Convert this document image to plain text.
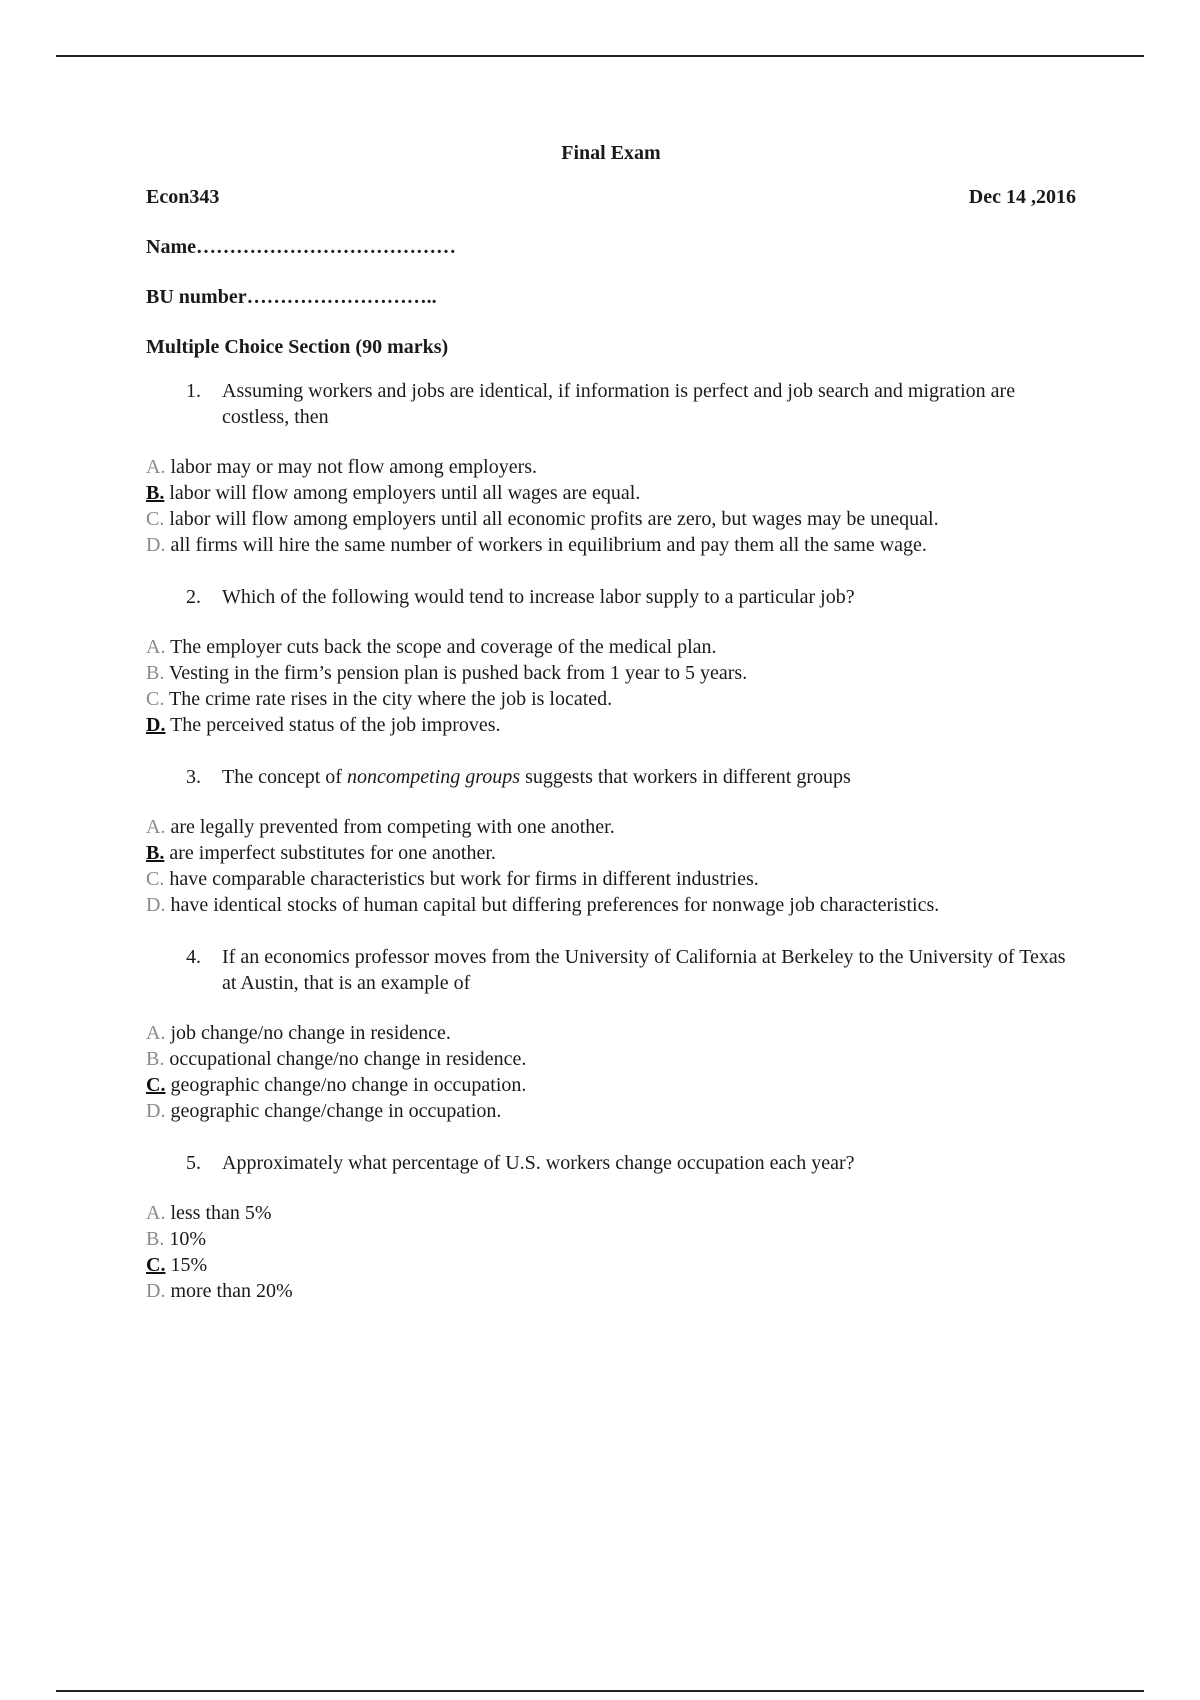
Final Exam
Econ343	Dec 14 ,2016
Name…………………………………
BU number………………………..
Multiple Choice Section (90 marks)
1.	Assuming workers and jobs are identical, if information is perfect and job search and migration are costless, then
A. labor may or may not flow among employers.
B. labor will flow among employers until all wages are equal.
C. labor will flow among employers until all economic profits are zero, but wages may be unequal.
D. all firms will hire the same number of workers in equilibrium and pay them all the same wage.
2.	Which of the following would tend to increase labor supply to a particular job?
A. The employer cuts back the scope and coverage of the medical plan.
B. Vesting in the firm’s pension plan is pushed back from 1 year to 5 years.
C. The crime rate rises in the city where the job is located.
D. The perceived status of the job improves.
3.	The concept of noncompeting groups suggests that workers in different groups
A. are legally prevented from competing with one another.
B. are imperfect substitutes for one another.
C. have comparable characteristics but work for firms in different industries.
D. have identical stocks of human capital but differing preferences for nonwage job characteristics.
4.	If an economics professor moves from the University of California at Berkeley to the University of Texas at Austin, that is an example of
A. job change/no change in residence.
B. occupational change/no change in residence.
C. geographic change/no change in occupation.
D. geographic change/change in occupation.
5.	Approximately what percentage of U.S. workers change occupation each year?
A. less than 5%
B. 10%
C. 15%
D. more than 20%
